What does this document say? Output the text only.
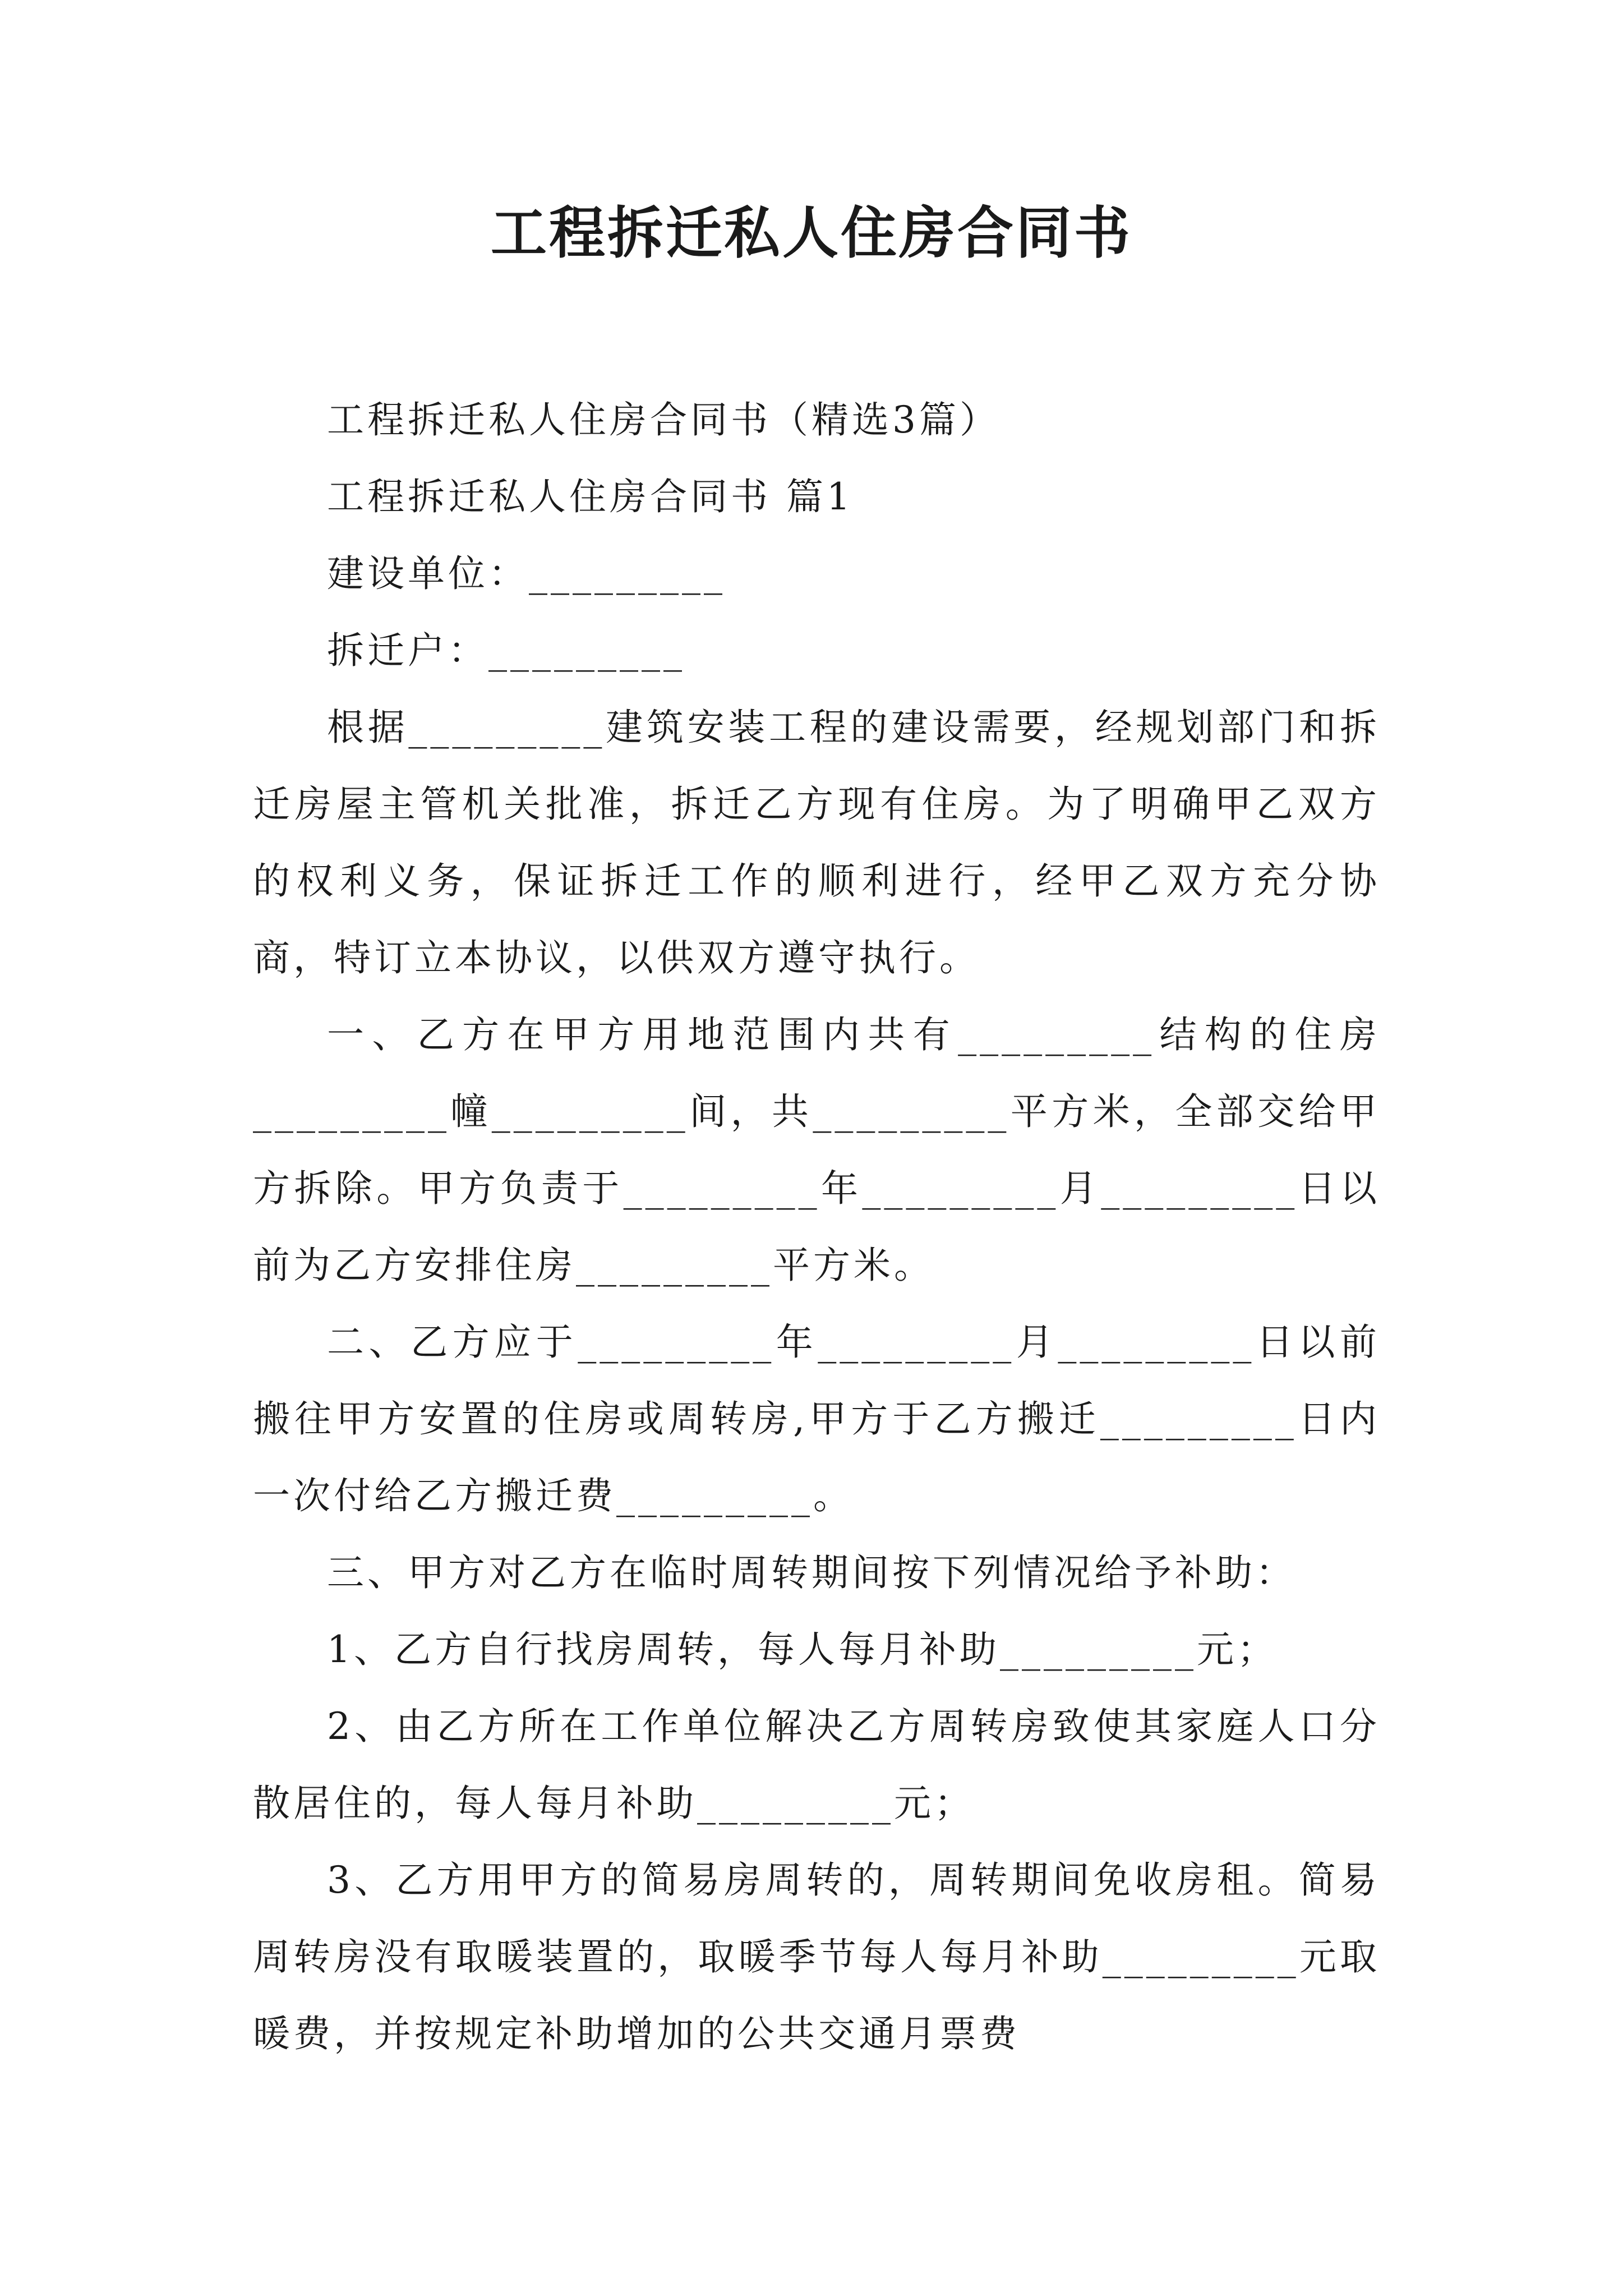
工程拆迁私人住房合同书

工程拆迁私人住房合同书（精选3篇）

工程拆迁私人住房合同书 篇1

建设单位：_________

拆迁户：_________

根据_________建筑安装工程的建设需要，经规划部门和拆迁房屋主管机关批准，拆迁乙方现有住房。为了明确甲乙双方的权利义务，保证拆迁工作的顺利进行，经甲乙双方充分协商，特订立本协议，以供双方遵守执行。

一、乙方在甲方用地范围内共有_________结构的住房_________幢_________间，共_________平方米，全部交给甲方拆除。甲方负责于_________年_________月_________日以前为乙方安排住房_________平方米。

二、乙方应于_________年_________月_________日以前搬往甲方安置的住房或周转房,甲方于乙方搬迁_________日内一次付给乙方搬迁费_________。

三、甲方对乙方在临时周转期间按下列情况给予补助：

1、乙方自行找房周转，每人每月补助_________元；

2、由乙方所在工作单位解决乙方周转房致使其家庭人口分散居住的，每人每月补助_________元；

3、乙方用甲方的简易房周转的，周转期间免收房租。简易周转房没有取暖装置的，取暖季节每人每月补助_________元取暖费，并按规定补助增加的公共交通月票费
